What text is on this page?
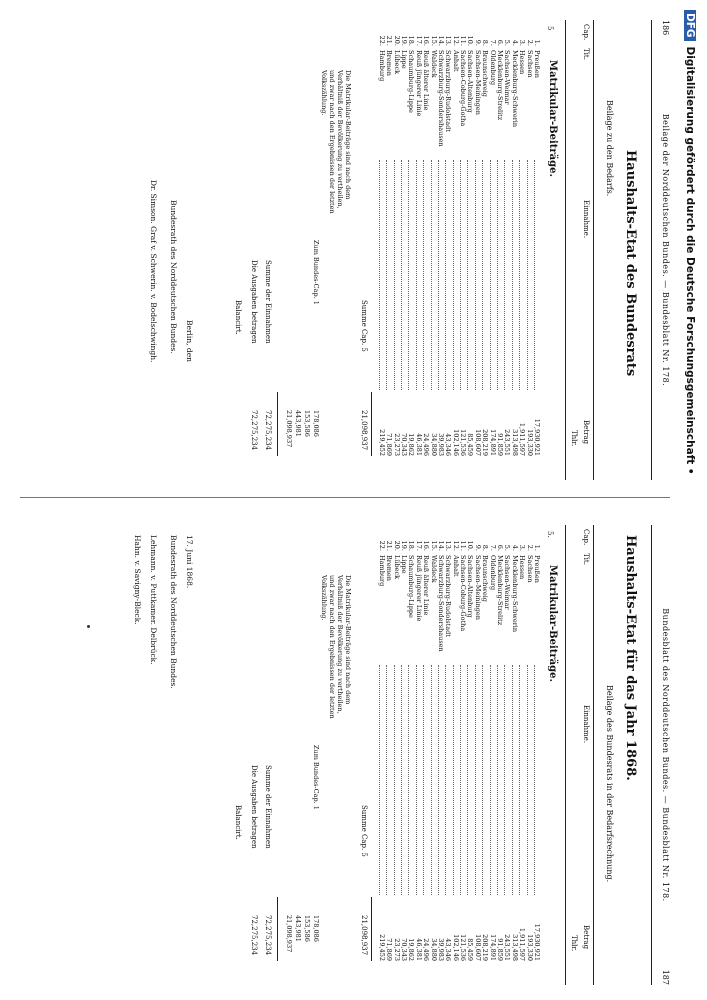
186
Beilage der Norddeutschen Bundes. — Bundesblatt Nr. 178.
Haushalts-Etat des Bundesrats
Beilage zu den Bedarfs.
Cap.
Tit.
Einnahme.
Betrag
Thlr.
5
Matrikular-Beiträge.
1.
Preußen
17,930,921
2.
Sachsen
193,330
3.
Hessen
1,911,597
4.
Mecklenburg-Schwerin
313,498
5.
Sachsen-Weimar
243,551
6.
Mecklenburg-Strelitz
91,859
7.
Oldenburg
174,891
8.
Braunschweig
208,219
9.
Sachsen-Meiningen
108,607
10.
Sachsen-Altenburg
85,459
11.
Sachsen-Coburg-Gotha
121,536
12.
Anhalt
102,146
13.
Schwarzburg-Rudolstadt
43,346
14.
Schwarzburg-Sondershausen
39,983
15.
Waldeck
34,880
16.
Reuß älterer Linie
24,496
17.
Reuß jüngerer Linie
46,381
18.
Schaumburg-Lippe
19,862
19.
Lippe
70,343
20.
Lübeck
23,273
21.
Bremen
71,869
22.
Hamburg
219,452
Summe Cap. 5
21,098,937
Die Matrikular-Beiträge sind nach dem Verhältniß der Bevölkerung zu vertheilen, und zwar nach den Ergebnissen der letzten Volkszählung.
Zum Bundes-Cap. 1
178,086
153,586
443,981
21,098,937
Summe der Einnahmen
72,275,234
Die Ausgaben betragen
72,275,234
Balancirt.
Berlin, den
Bundesrath des Norddeutschen Bundes.
Dr. Simson. Graf v. Schwerin. v. Bodelschwingh.
Bundesblatt des Norddeutschen Bundes. — Bundesblatt Nr. 178.
187
Haushalts-Etat für das Jahr 1868.
Beilage des Bundesrats in der Bedarfsrechnung.
Cap.
Tit.
Einnahme.
Betrag
Thlr.
5.
Matrikular-Beiträge.
1.
Preußen
17,930,921
2.
Sachsen
193,330
3.
Hessen
1,911,597
4.
Mecklenburg-Schwerin
313,498
5.
Sachsen-Weimar
243,551
6.
Mecklenburg-Strelitz
91,859
7.
Oldenburg
174,891
8.
Braunschweig
208,219
9.
Sachsen-Meiningen
108,607
10.
Sachsen-Altenburg
85,459
11.
Sachsen-Coburg-Gotha
121,536
12.
Anhalt
102,146
13.
Schwarzburg-Rudolstadt
43,346
14.
Schwarzburg-Sondershausen
39,983
15.
Waldeck
34,880
16.
Reuß älterer Linie
24,496
17.
Reuß jüngerer Linie
46,381
18.
Schaumburg-Lippe
19,862
19.
Lippe
70,343
20.
Lübeck
23,273
21.
Bremen
71,869
22.
Hamburg
219,452
Summe Cap. 5
21,098,937
Die Matrikular-Beiträge sind nach dem Verhältniß der Bevölkerung zu vertheilen, und zwar nach den Ergebnissen der letzten Volkszählung.
Zum Bundes-Cap. 1
178,086
153,586
443,981
21,098,937
Summe der Einnahmen
72,275,234
Die Ausgaben betragen
72,275,234
Balancirt.
17. Juni 1868.
Bundesrath des Norddeutschen Bundes.
Lehmann. v. Puttkamer. Delbrück.
Hahn. v. Savigny-Bleck.
DFGDigitalisierung gefördert durch die Deutsche Forschungsgemeinschaft •
